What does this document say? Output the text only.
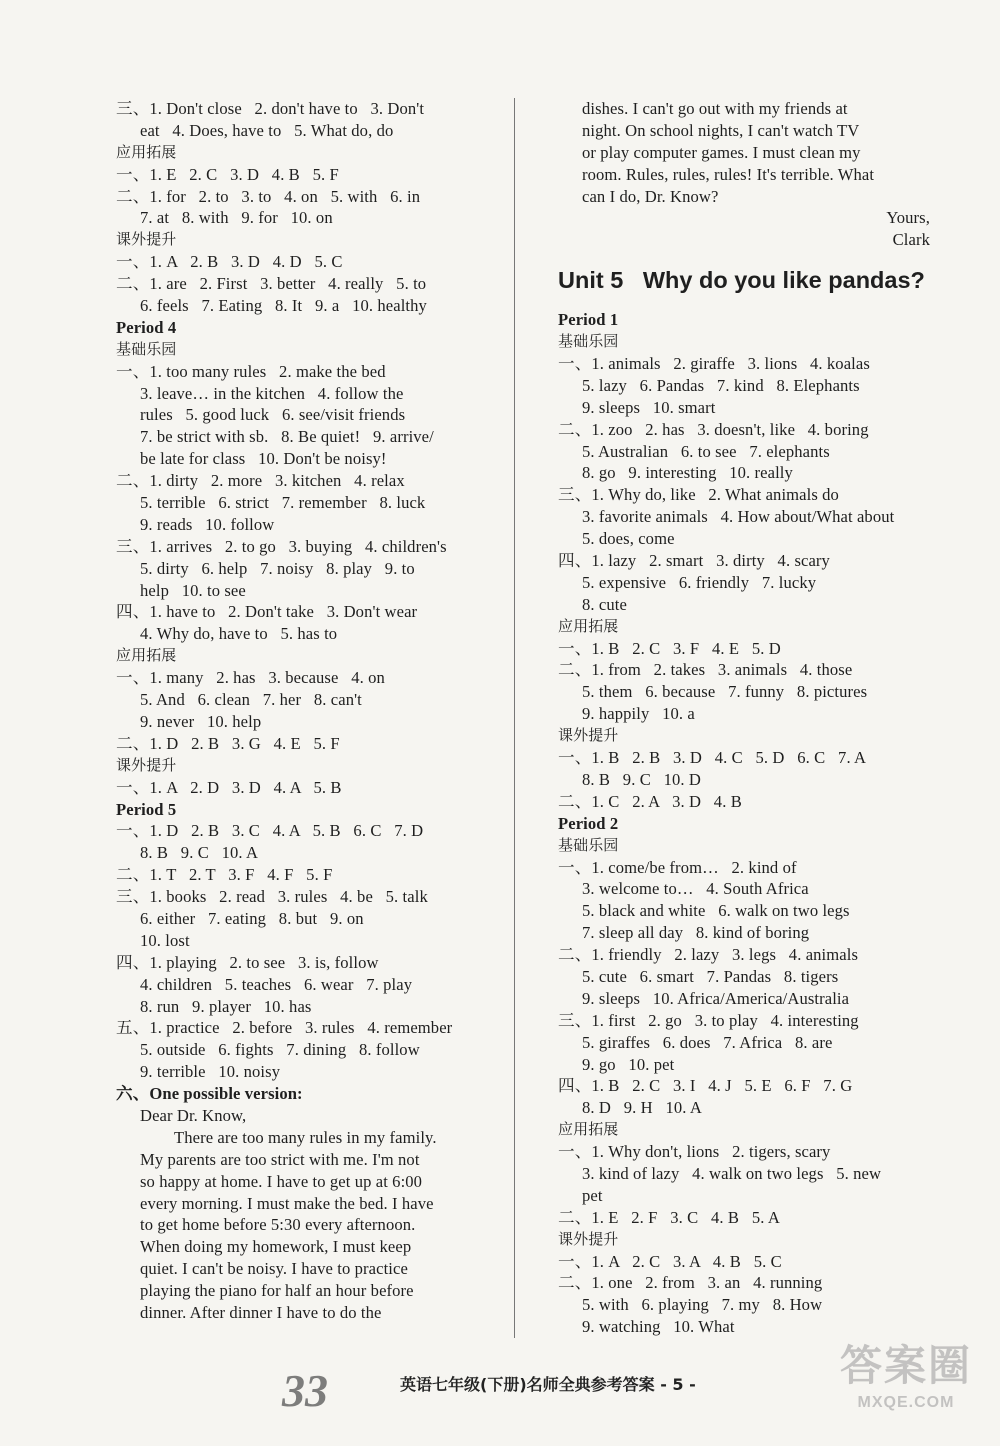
三、1. Don't close   2. don't have to   3. Don't
eat   4. Does, have to   5. What do, do
应用拓展
一、1. E   2. C   3. D   4. B   5. F
二、1. for   2. to   3. to   4. on   5. with   6. in
7. at   8. with   9. for   10. on
课外提升
一、1. A   2. B   3. D   4. D   5. C
二、1. are   2. First   3. better   4. really   5. to
6. feels   7. Eating   8. It   9. a   10. healthy
Period 4
基础乐园
一、1. too many rules   2. make the bed
3. leave… in the kitchen   4. follow the
rules   5. good luck   6. see/visit friends
7. be strict with sb.   8. Be quiet!   9. arrive/
be late for class   10. Don't be noisy!
二、1. dirty   2. more   3. kitchen   4. relax
5. terrible   6. strict   7. remember   8. luck
9. reads   10. follow
三、1. arrives   2. to go   3. buying   4. children's
5. dirty   6. help   7. noisy   8. play   9. to
help   10. to see
四、1. have to   2. Don't take   3. Don't wear
4. Why do, have to   5. has to
应用拓展
一、1. many   2. has   3. because   4. on
5. And   6. clean   7. her   8. can't
9. never   10. help
二、1. D   2. B   3. G   4. E   5. F
课外提升
一、1. A   2. D   3. D   4. A   5. B
Period 5
一、1. D   2. B   3. C   4. A   5. B   6. C   7. D
8. B   9. C   10. A
二、1. T   2. T   3. F   4. F   5. F
三、1. books   2. read   3. rules   4. be   5. talk
6. either   7. eating   8. but   9. on
10. lost
四、1. playing   2. to see   3. is, follow
4. children   5. teaches   6. wear   7. play
8. run   9. player   10. has
五、1. practice   2. before   3. rules   4. remember
5. outside   6. fights   7. dining   8. follow
9. terrible   10. noisy
六、One possible version:
Dear Dr. Know,
There are too many rules in my family.
My parents are too strict with me. I'm not
so happy at home. I have to get up at 6:00
every morning. I must make the bed. I have
to get home before 5:30 every afternoon.
When doing my homework, I must keep
quiet. I can't be noisy. I have to practice
playing the piano for half an hour before
dinner. After dinner I have to do the
dishes. I can't go out with my friends at
night. On school nights, I can't watch TV
or play computer games. I must clean my
room. Rules, rules, rules! It's terrible. What
can I do, Dr. Know?
Yours,
Clark
Unit 5   Why do you like pandas?
Period 1
基础乐园
一、1. animals   2. giraffe   3. lions   4. koalas
5. lazy   6. Pandas   7. kind   8. Elephants
9. sleeps   10. smart
二、1. zoo   2. has   3. doesn't, like   4. boring
5. Australian   6. to see   7. elephants
8. go   9. interesting   10. really
三、1. Why do, like   2. What animals do
3. favorite animals   4. How about/What about
5. does, come
四、1. lazy   2. smart   3. dirty   4. scary
5. expensive   6. friendly   7. lucky
8. cute
应用拓展
一、1. B   2. C   3. F   4. E   5. D
二、1. from   2. takes   3. animals   4. those
5. them   6. because   7. funny   8. pictures
9. happily   10. a
课外提升
一、1. B   2. B   3. D   4. C   5. D   6. C   7. A
8. B   9. C   10. D
二、1. C   2. A   3. D   4. B
Period 2
基础乐园
一、1. come/be from…   2. kind of
3. welcome to…   4. South Africa
5. black and white   6. walk on two legs
7. sleep all day   8. kind of boring
二、1. friendly   2. lazy   3. legs   4. animals
5. cute   6. smart   7. Pandas   8. tigers
9. sleeps   10. Africa/America/Australia
三、1. first   2. go   3. to play   4. interesting
5. giraffes   6. does   7. Africa   8. are
9. go   10. pet
四、1. B   2. C   3. I   4. J   5. E   6. F   7. G
8. D   9. H   10. A
应用拓展
一、1. Why don't, lions   2. tigers, scary
3. kind of lazy   4. walk on two legs   5. new
pet
二、1. E   2. F   3. C   4. B   5. A
课外提升
一、1. A   2. C   3. A   4. B   5. C
二、1. one   2. from   3. an   4. running
5. with   6. playing   7. my   8. How
9. watching   10. What
33	英语七年级(下册)名师全典参考答案 - 5 -	答案圈
MXQE.COM
